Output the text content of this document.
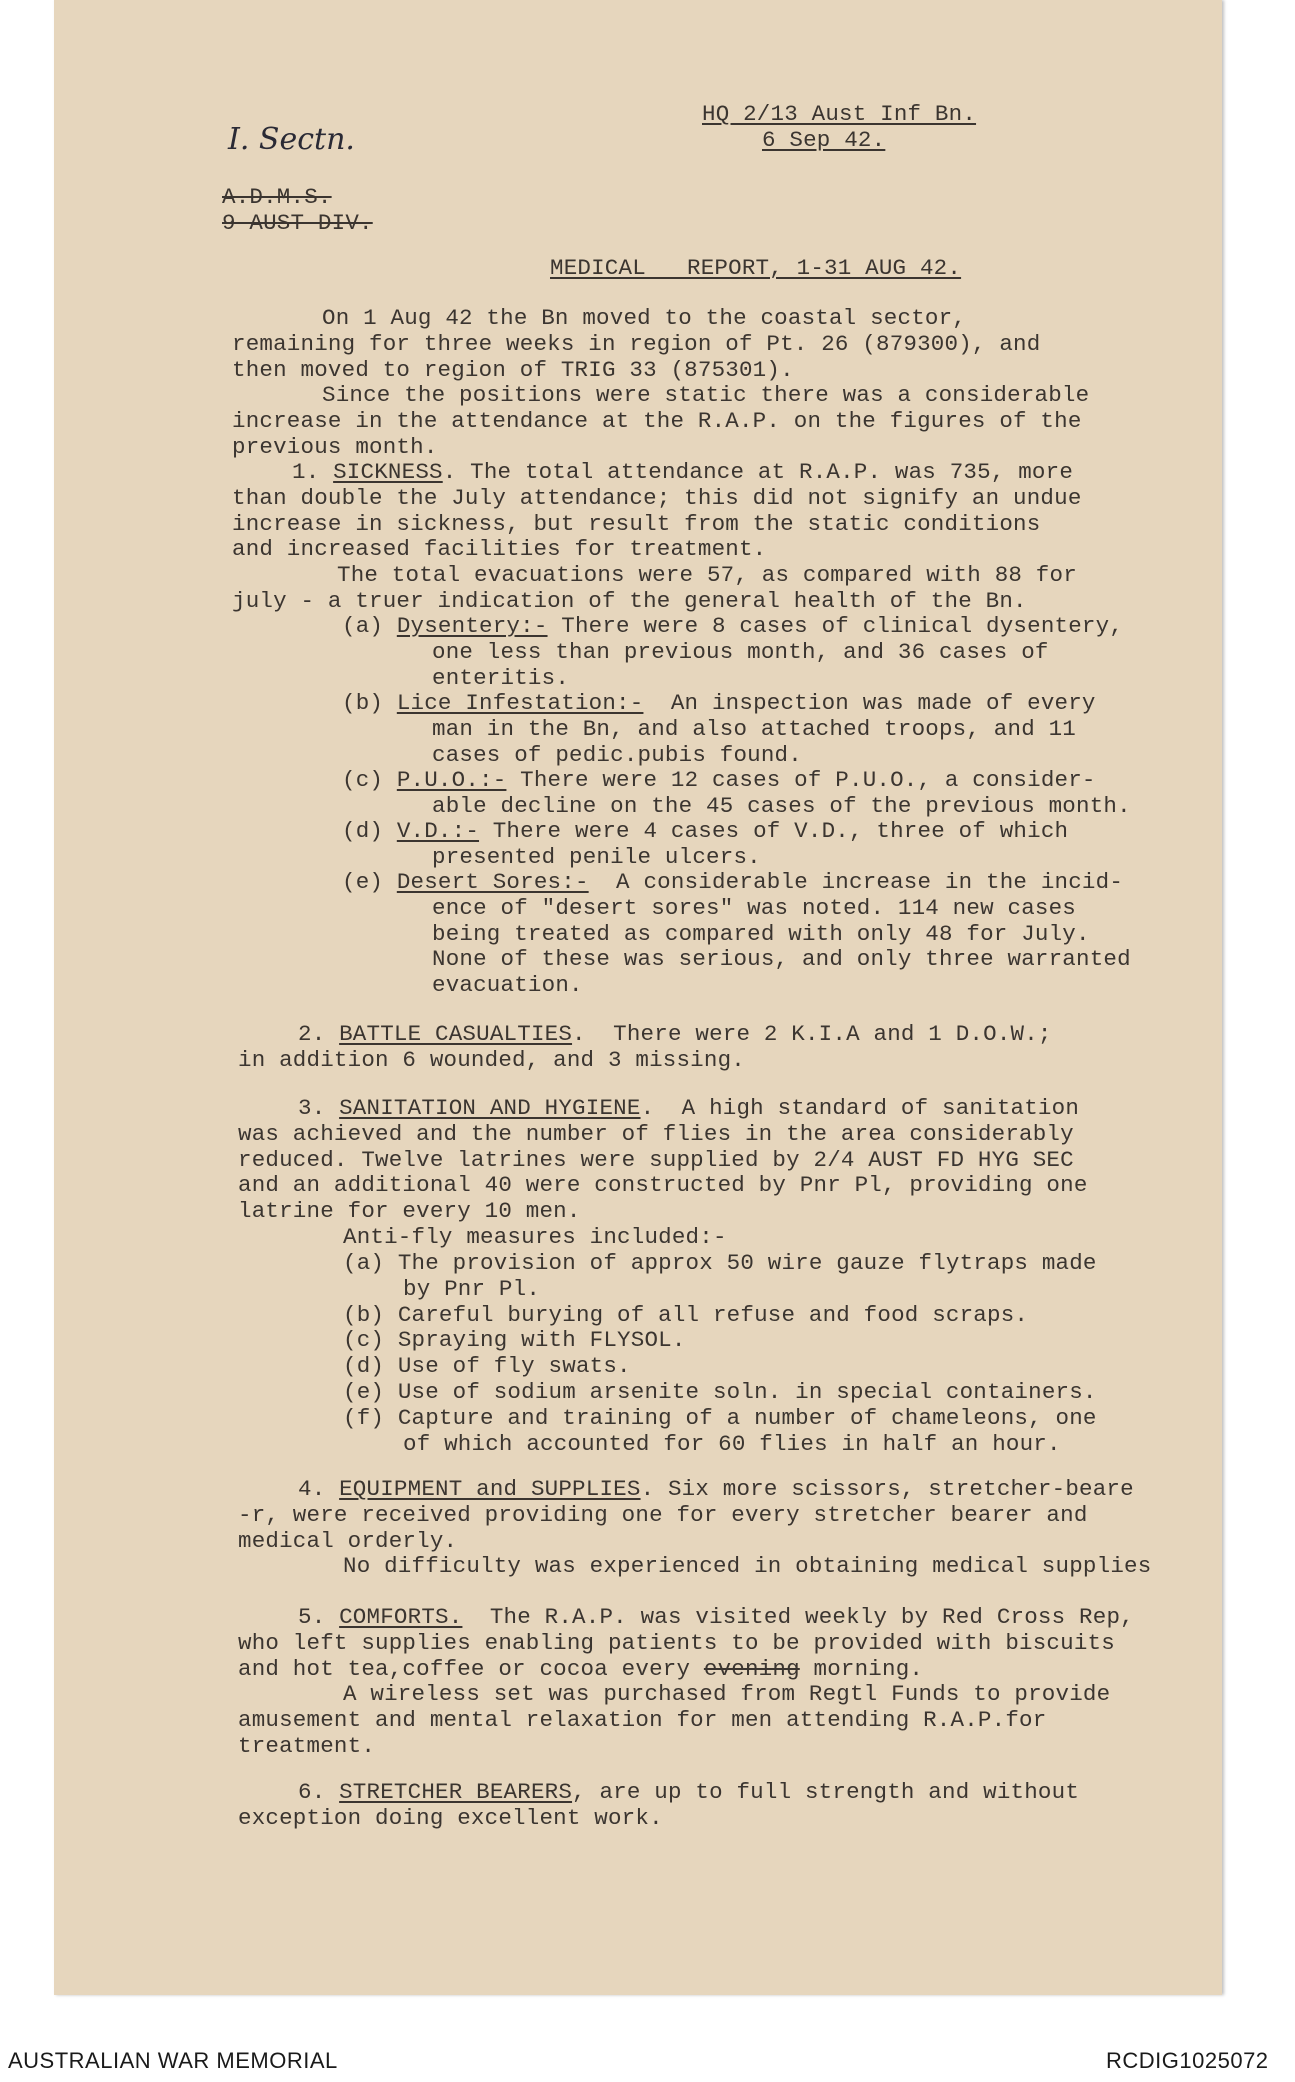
HQ 2/13 Aust Inf Bn.
6 Sep 42.
I. Sectn.
A.D.M.S.
9 AUST DIV.
MEDICAL   REPORT, 1-31 AUG 42.
On 1 Aug 42 the Bn moved to the coastal sector,
remaining for three weeks in region of Pt. 26 (879300), and
then moved to region of TRIG 33 (875301).
Since the positions were static there was a considerable
increase in the attendance at the R.A.P. on the figures of the
previous month.
1. SICKNESS. The total attendance at R.A.P. was 735, more
than double the July attendance; this did not signify an undue
increase in sickness, but result from the static conditions
and increased facilities for treatment.
The total evacuations were 57, as compared with 88 for
july - a truer indication of the general health of the Bn.
(a) Dysentery:- There were 8 cases of clinical dysentery,
one less than previous month, and 36 cases of
enteritis.
(b) Lice Infestation:-  An inspection was made of every
man in the Bn, and also attached troops, and 11
cases of pedic.pubis found.
(c) P.U.O.:- There were 12 cases of P.U.O., a consider-
able decline on the 45 cases of the previous month.
(d) V.D.:- There were 4 cases of V.D., three of which
presented penile ulcers.
(e) Desert Sores:-  A considerable increase in the incid-
ence of "desert sores" was noted. 114 new cases
being treated as compared with only 48 for July.
None of these was serious, and only three warranted
evacuation.
2. BATTLE CASUALTIES.  There were 2 K.I.A and 1 D.O.W.;
in addition 6 wounded, and 3 missing.
3. SANITATION AND HYGIENE.  A high standard of sanitation
was achieved and the number of flies in the area considerably
reduced. Twelve latrines were supplied by 2/4 AUST FD HYG SEC
and an additional 40 were constructed by Pnr Pl, providing one
latrine for every 10 men.
Anti-fly measures included:-
(a) The provision of approx 50 wire gauze flytraps made
by Pnr Pl.
(b) Careful burying of all refuse and food scraps.
(c) Spraying with FLYSOL.
(d) Use of fly swats.
(e) Use of sodium arsenite soln. in special containers.
(f) Capture and training of a number of chameleons, one
of which accounted for 60 flies in half an hour.
4. EQUIPMENT and SUPPLIES. Six more scissors, stretcher-beare
-r, were received providing one for every stretcher bearer and
medical orderly.
No difficulty was experienced in obtaining medical supplies
5. COMFORTS.  The R.A.P. was visited weekly by Red Cross Rep,
who left supplies enabling patients to be provided with biscuits
and hot tea,coffee or cocoa every evening morning.
A wireless set was purchased from Regtl Funds to provide
amusement and mental relaxation for men attending R.A.P.for
treatment.
6. STRETCHER BEARERS, are up to full strength and without
exception doing excellent work.
AUSTRALIAN WAR MEMORIAL	RCDIG1025072
